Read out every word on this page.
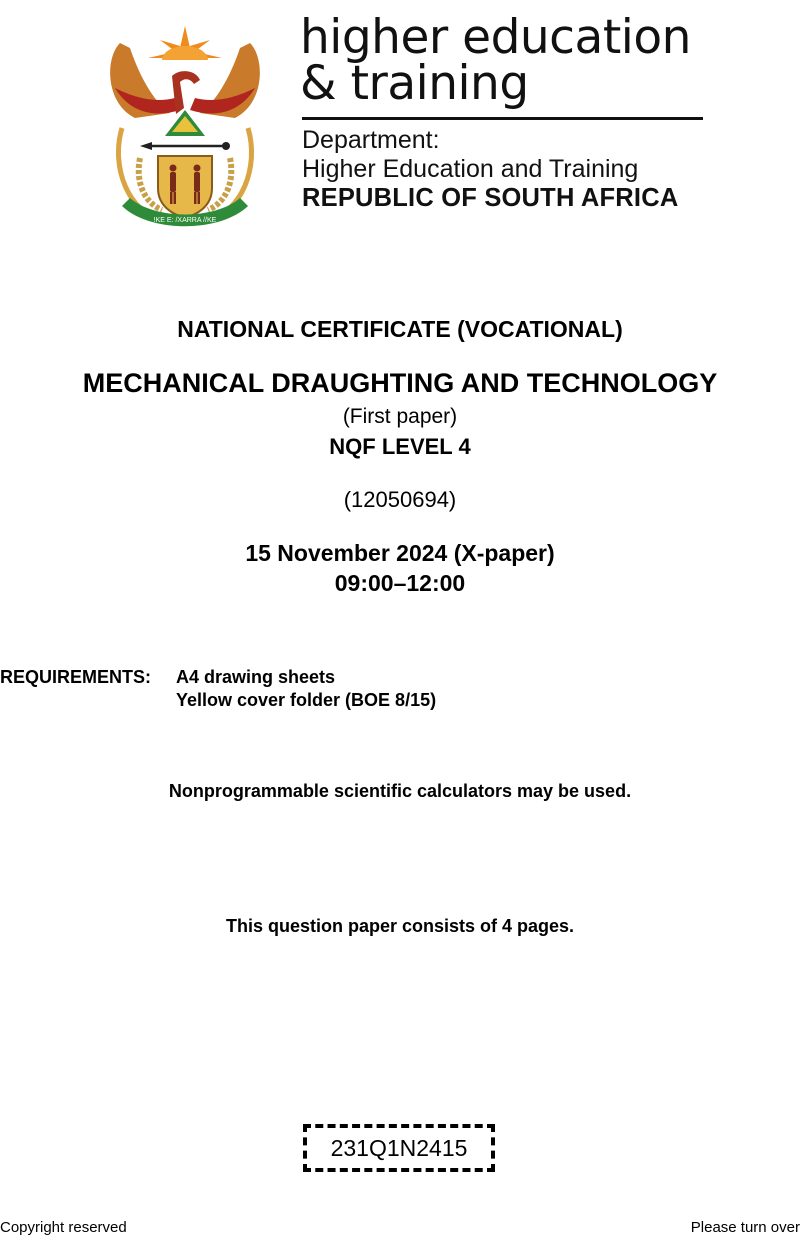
!KE E: /XARRA //KE
higher education
& training
Department:
Higher Education and Training
REPUBLIC OF SOUTH AFRICA
NATIONAL CERTIFICATE (VOCATIONAL)
MECHANICAL DRAUGHTING AND TECHNOLOGY
(First paper)
NQF LEVEL 4
(12050694)
15 November 2024 (X-paper)
09:00–12:00
REQUIREMENTS: A4 drawing sheets
Yellow cover folder (BOE 8/15)
Nonprogrammable scientific calculators may be used.
This question paper consists of 4 pages.
231Q1N2415
Copyright reserved	Please turn over
